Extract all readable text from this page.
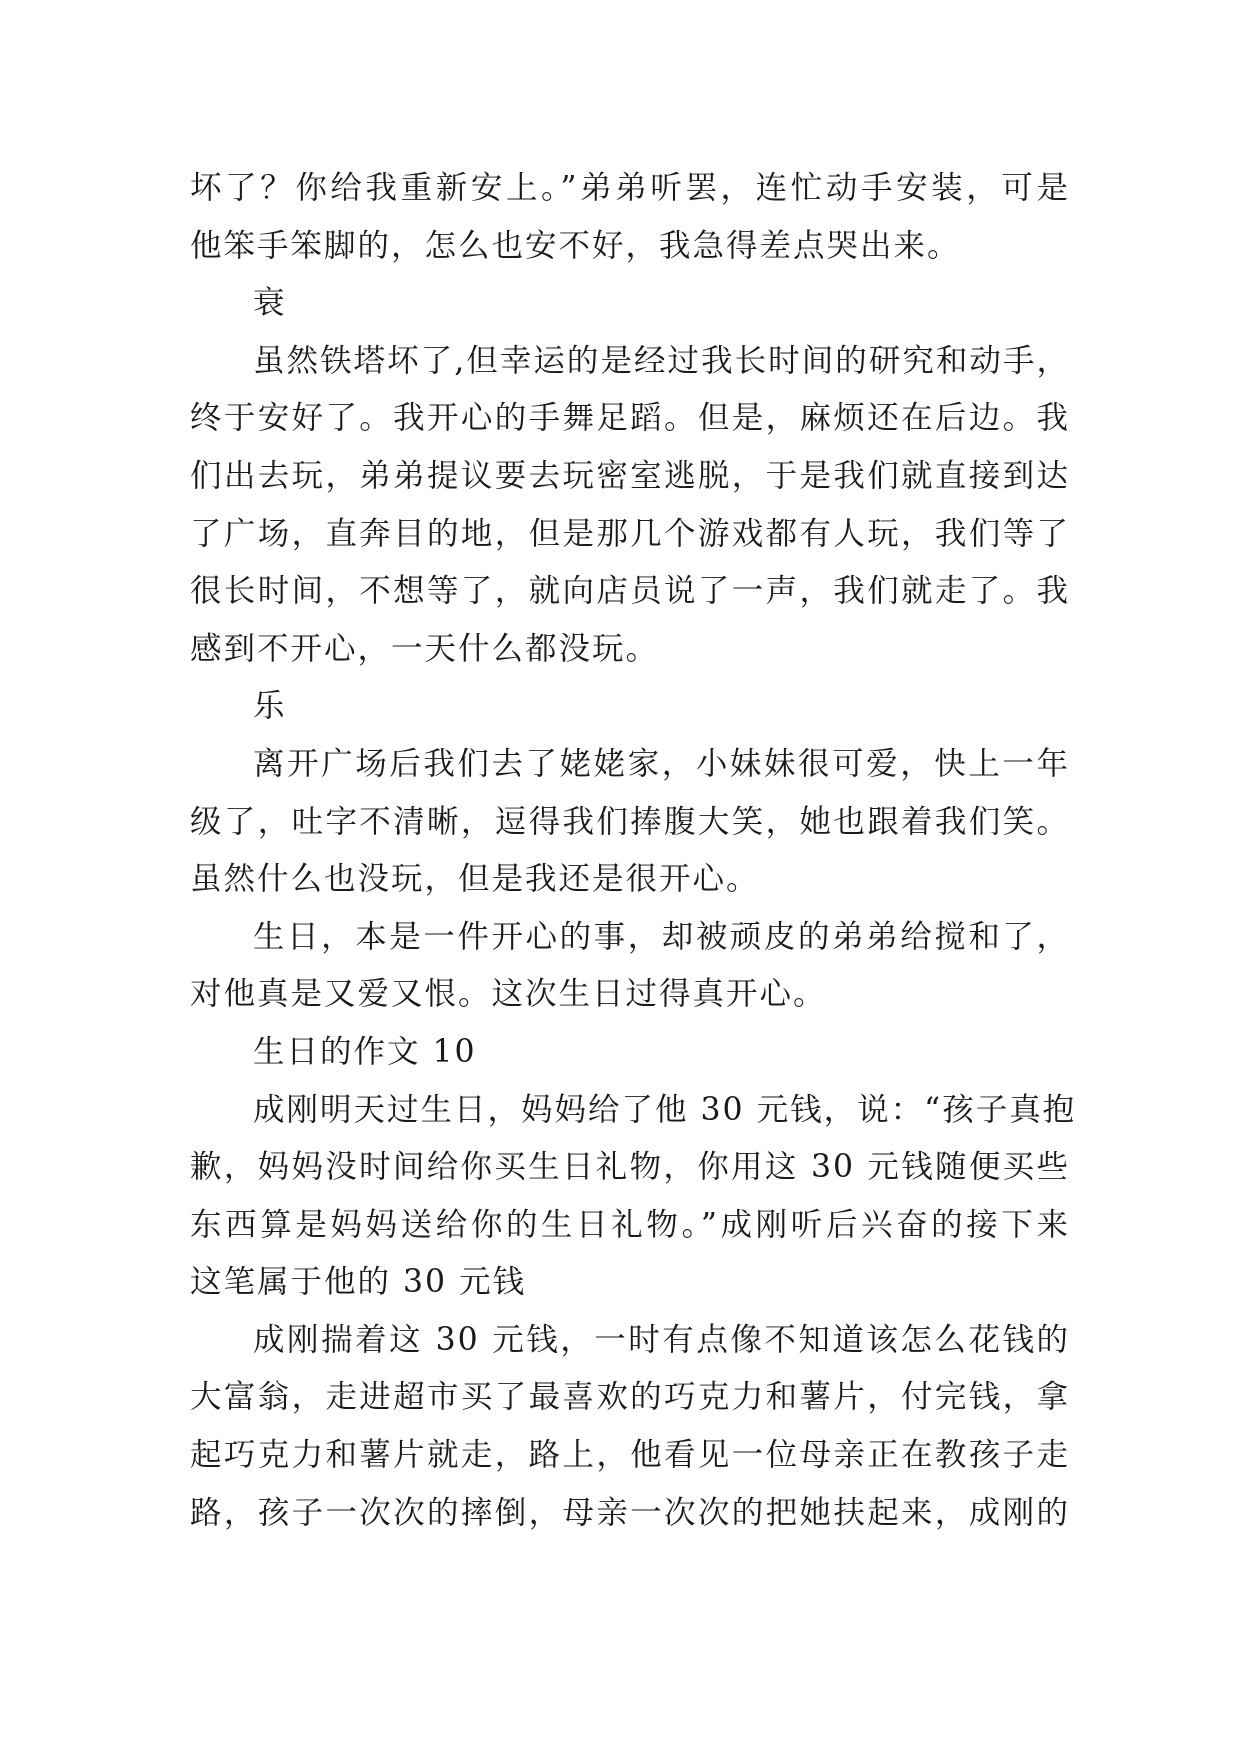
坏了？你给我重新安上。”弟弟听罢，连忙动手安装，可是
他笨手笨脚的，怎么也安不好，我急得差点哭出来。
衰
虽然铁塔坏了,但幸运的是经过我长时间的研究和动手，
终于安好了。我开心的手舞足蹈。但是，麻烦还在后边。我
们出去玩，弟弟提议要去玩密室逃脱，于是我们就直接到达
了广场，直奔目的地，但是那几个游戏都有人玩，我们等了
很长时间，不想等了，就向店员说了一声，我们就走了。我
感到不开心，一天什么都没玩。
乐
离开广场后我们去了姥姥家，小妹妹很可爱，快上一年
级了，吐字不清晰，逗得我们捧腹大笑，她也跟着我们笑。
虽然什么也没玩，但是我还是很开心。
生日，本是一件开心的事，却被顽皮的弟弟给搅和了，
对他真是又爱又恨。这次生日过得真开心。
生日的作文 10
成刚明天过生日，妈妈给了他 30 元钱，说：“孩子真抱
歉，妈妈没时间给你买生日礼物，你用这 30 元钱随便买些
东西算是妈妈送给你的生日礼物。”成刚听后兴奋的接下来
这笔属于他的 30 元钱
成刚揣着这 30 元钱，一时有点像不知道该怎么花钱的
大富翁，走进超市买了最喜欢的巧克力和薯片，付完钱，拿
起巧克力和薯片就走，路上，他看见一位母亲正在教孩子走
路，孩子一次次的摔倒，母亲一次次的把她扶起来，成刚的
